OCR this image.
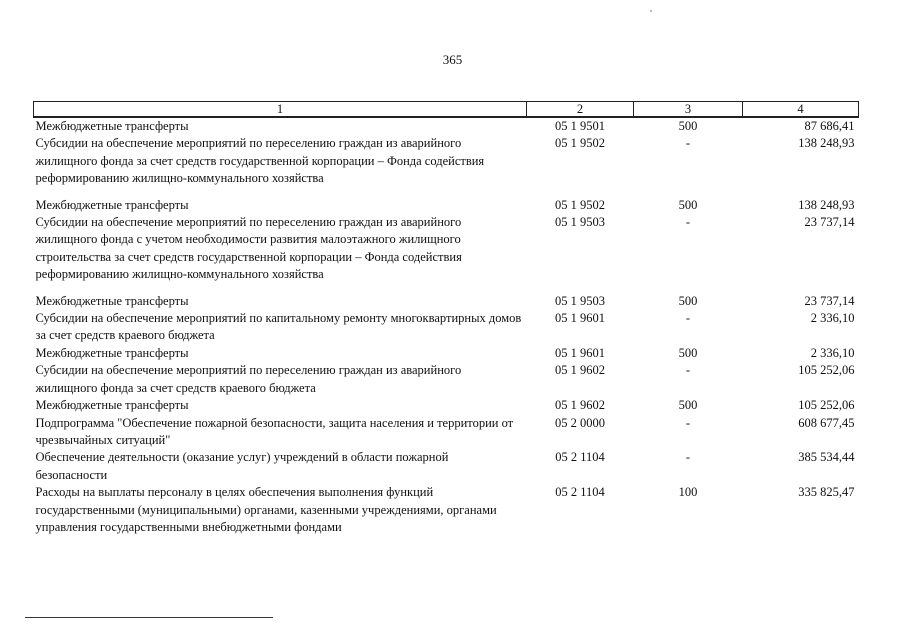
365
1	2	3	4
Межбюджетные трансферты	05 1 9501	500	87 686,41
Субсидии на обеспечение мероприятий по переселению граждан из аварийного жилищного фонда за счет средств государственной корпорации – Фонда содействия реформированию жилищно-коммунального хозяйства	05 1 9502	-	138 248,93
Межбюджетные трансферты	05 1 9502	500	138 248,93
Субсидии на обеспечение мероприятий по переселению граждан из аварийного жилищного фонда с учетом необходимости развития малоэтажного жилищного строительства за счет средств государственной корпорации – Фонда содействия реформированию жилищно-коммунального хозяйства	05 1 9503	-	23 737,14
Межбюджетные трансферты	05 1 9503	500	23 737,14
Субсидии на обеспечение мероприятий по капитальному ремонту многоквартирных домов за счет средств краевого бюджета	05 1 9601	-	2 336,10
Межбюджетные трансферты	05 1 9601	500	2 336,10
Субсидии на обеспечение мероприятий по переселению граждан из аварийного жилищного фонда за счет средств краевого бюджета	05 1 9602	-	105 252,06
Межбюджетные трансферты	05 1 9602	500	105 252,06
Подпрограмма "Обеспечение пожарной безопасности, защита населения и территории от чрезвычайных ситуаций"	05 2 0000	-	608 677,45
Обеспечение деятельности (оказание услуг) учреждений в области пожарной безопасности	05 2 1104	-	385 534,44
Расходы на выплаты персоналу в целях обеспечения выполнения функций государственными (муниципальными) органами, казенными учреждениями, органами управления государственными внебюджетными фондами	05 2 1104	100	335 825,47
